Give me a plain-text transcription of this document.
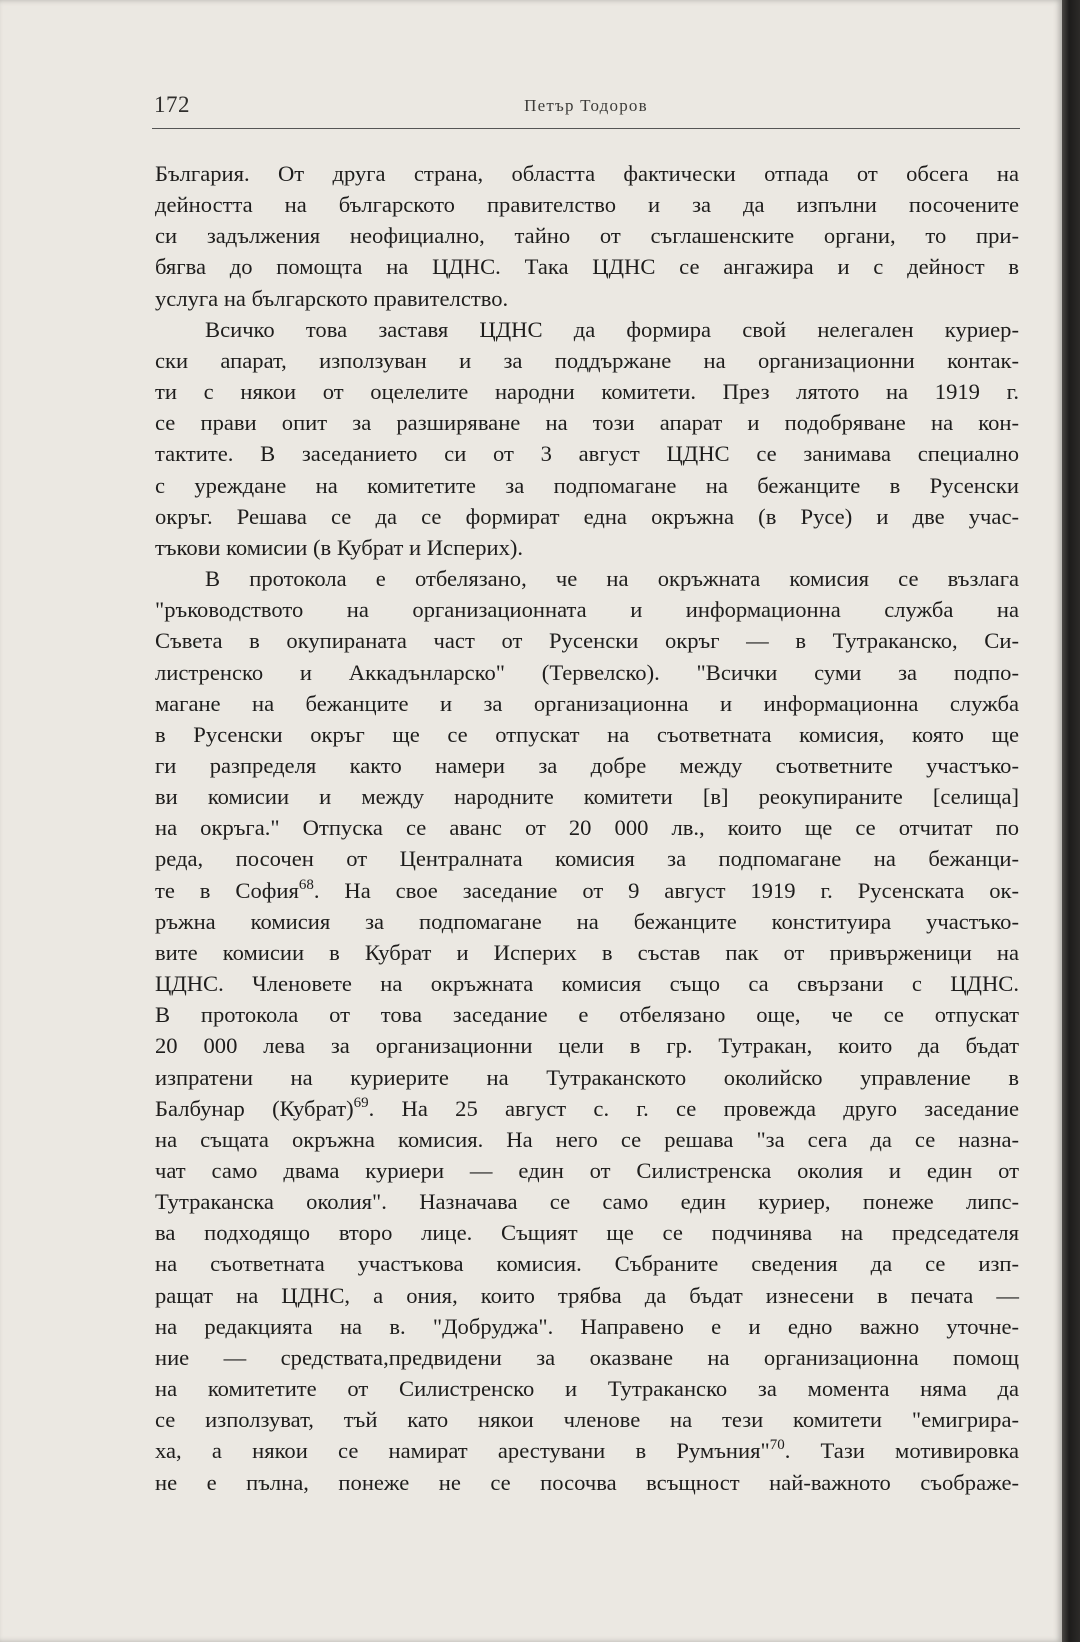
172	Петър Тодоров
България. От друга страна, областта фактически отпада от обсега на
дейността на българското правителство и за да изпълни посочените
си задължения неофициално, тайно от съглашенските органи, то при-
бягва до помощта на ЦДНС. Така ЦДНС се ангажира и с дейност в
услуга на българското правителство.
Всичко това заставя ЦДНС да формира свой нелегален куриер-
ски апарат, използуван и за поддържане на организационни контак-
ти с някои от оцелелите народни комитети. През лятото на 1919 г.
се прави опит за разширяване на този апарат и подобряване на кон-
тактите. В заседанието си от 3 август ЦДНС се занимава специално
с уреждане на комитетите за подпомагане на бежанците в Русенски
окръг. Решава се да се формират една окръжна (в Русе) и две учас-
тъкови комисии (в Кубрат и Исперих).
В протокола е отбелязано, че на окръжната комисия се възлага
"ръководството на организационната и информационна служба на
Съвета в окупираната част от Русенски окръг — в Тутраканско, Си-
листренско и Аккадънларско" (Тервелско). "Всички суми за подпо-
магане на бежанците и за организационна и информационна служба
в Русенски окръг ще се отпускат на съответната комисия, която ще
ги разпределя както намери за добре между съответните участъко-
ви комисии и между народните комитети [в] реокупираните [селища]
на окръга." Отпуска се аванс от 20 000 лв., които ще се отчитат по
реда, посочен от Централната комисия за подпомагане на бежанци-
те в София$^{68}$. На свое заседание от 9 август 1919 г. Русенската ок-
ръжна комисия за подпомагане на бежанците конституира участъко-
вите комисии в Кубрат и Исперих в състав пак от привърженици на
ЦДНС. Членовете на окръжната комисия също са свързани с ЦДНС.
В протокола от това заседание е отбелязано още, че се отпускат
20 000 лева за организационни цели в гр. Тутракан, които да бъдат
изпратени на куриерите на Тутраканското околийско управление в
Балбунар (Кубрат)$^{69}$. На 25 август с. г. се провежда друго заседание
на същата окръжна комисия. На него се решава "за сега да се назна-
чат само двама куриери — един от Силистренска околия и един от
Тутраканска околия". Назначава се само един куриер, понеже липс-
ва подходящо второ лице. Същият ще се подчинява на председателя
на съответната участъкова комисия. Събраните сведения да се изп-
ращат на ЦДНС, а ония, които трябва да бъдат изнесени в печата —
на редакцията на в. "Добруджа". Направено е и едно важно уточне-
ние — средствата,предвидени за оказване на организационна помощ
на комитетите от Силистренско и Тутраканско за момента няма да
се използуват, тъй като някои членове на тези комитети "емигрира-
ха, а някои се намират арестувани в Румъния"$^{70}$. Тази мотивировка
не е пълна, понеже не се посочва всъщност най-важното съображе-
